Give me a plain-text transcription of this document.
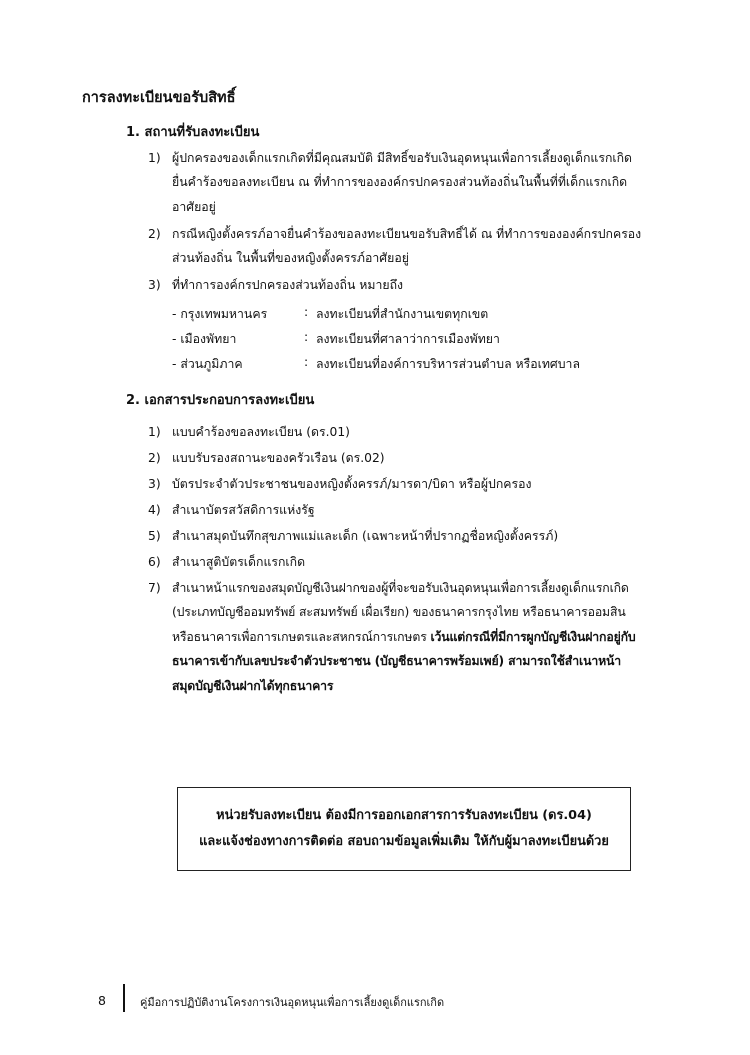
การลงทะเบียนขอรับสิทธิ์
1. สถานที่รับลงทะเบียน
1) ผู้ปกครองของเด็กแรกเกิดที่มีคุณสมบัติ มีสิทธิ์ขอรับเงินอุดหนุนเพื่อการเลี้ยงดูเด็กแรกเกิด ยื่นคำร้องขอลงทะเบียน ณ ที่ทำการขององค์กรปกครองส่วนท้องถิ่นในพื้นที่ที่เด็กแรกเกิดอาศัยอยู่
2) กรณีหญิงตั้งครรภ์อาจยื่นคำร้องขอลงทะเบียนขอรับสิทธิ์ได้ ณ ที่ทำการขององค์กรปกครองส่วนท้องถิ่น ในพื้นที่ของหญิงตั้งครรภ์อาศัยอยู่
3) ที่ทำการองค์กรปกครองส่วนท้องถิ่น หมายถึง
- กรุงเทพมหานคร	: ลงทะเบียนที่สำนักงานเขตทุกเขต
- เมืองพัทยา	: ลงทะเบียนที่ศาลาว่าการเมืองพัทยา
- ส่วนภูมิภาค	: ลงทะเบียนที่องค์การบริหารส่วนตำบล หรือเทศบาล
2. เอกสารประกอบการลงทะเบียน
1) แบบคำร้องขอลงทะเบียน (ดร.01)
2) แบบรับรองสถานะของครัวเรือน (ดร.02)
3) บัตรประจำตัวประชาชนของหญิงตั้งครรภ์/มารดา/บิดา หรือผู้ปกครอง
4) สำเนาบัตรสวัสดิการแห่งรัฐ
5) สำเนาสมุดบันทึกสุขภาพแม่และเด็ก (เฉพาะหน้าที่ปรากฏชื่อหญิงตั้งครรภ์)
6) สำเนาสูติบัตรเด็กแรกเกิด
7) สำเนาหน้าแรกของสมุดบัญชีเงินฝากของผู้ที่จะขอรับเงินอุดหนุนเพื่อการเลี้ยงดูเด็กแรกเกิด (ประเภทบัญชีออมทรัพย์ สะสมทรัพย์ เผื่อเรียก) ของธนาคารกรุงไทย หรือธนาคารออมสิน หรือธนาคารเพื่อการเกษตรและสหกรณ์การเกษตร เว้นแต่กรณีที่มีการผูกบัญชีเงินฝากอยู่กับธนาคารเข้ากับเลขประจำตัวประชาชน (บัญชีธนาคารพร้อมเพย์) สามารถใช้สำเนาหน้าสมุดบัญชีเงินฝากได้ทุกธนาคาร
หน่วยรับลงทะเบียน ต้องมีการออกเอกสารการรับลงทะเบียน (ดร.04)
และแจ้งช่องทางการติดต่อ สอบถามข้อมูลเพิ่มเติม ให้กับผู้มาลงทะเบียนด้วย
8	คู่มือการปฏิบัติงานโครงการเงินอุดหนุนเพื่อการเลี้ยงดูเด็กแรกเกิด
